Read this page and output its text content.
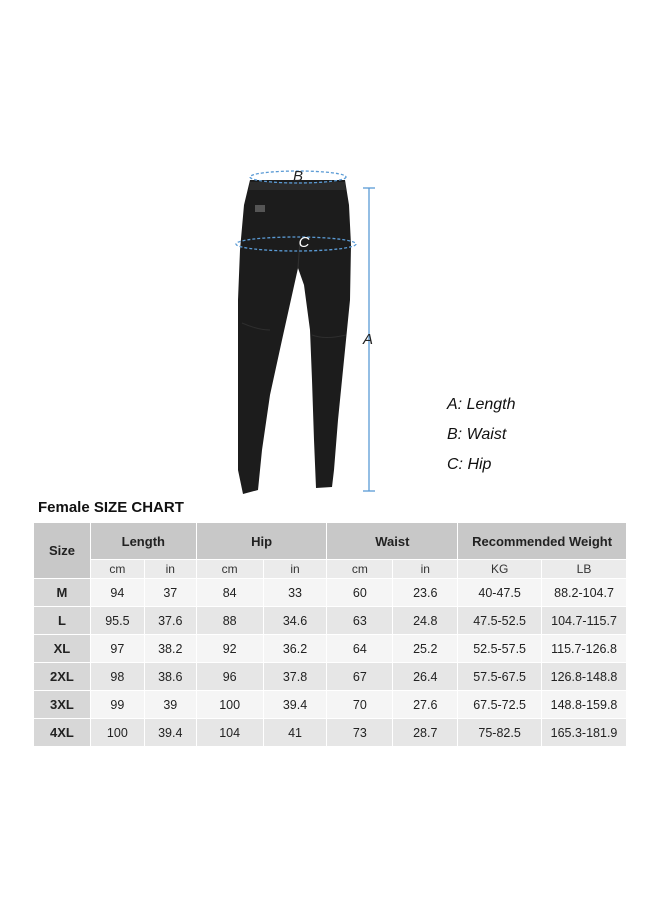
B
C
A
A: Length
B: Waist
C: Hip
Female SIZE CHART
Size	Length		Hip		Waist		Recommended Weight	
	cm	in	cm	in	cm	in	KG	LB
M	94	37	84	33	60	23.6	40-47.5	88.2-104.7
L	95.5	37.6	88	34.6	63	24.8	47.5-52.5	104.7-115.7
XL	97	38.2	92	36.2	64	25.2	52.5-57.5	115.7-126.8
2XL	98	38.6	96	37.8	67	26.4	57.5-67.5	126.8-148.8
3XL	99	39	100	39.4	70	27.6	67.5-72.5	148.8-159.8
4XL	100	39.4	104	41	73	28.7	75-82.5	165.3-181.9
